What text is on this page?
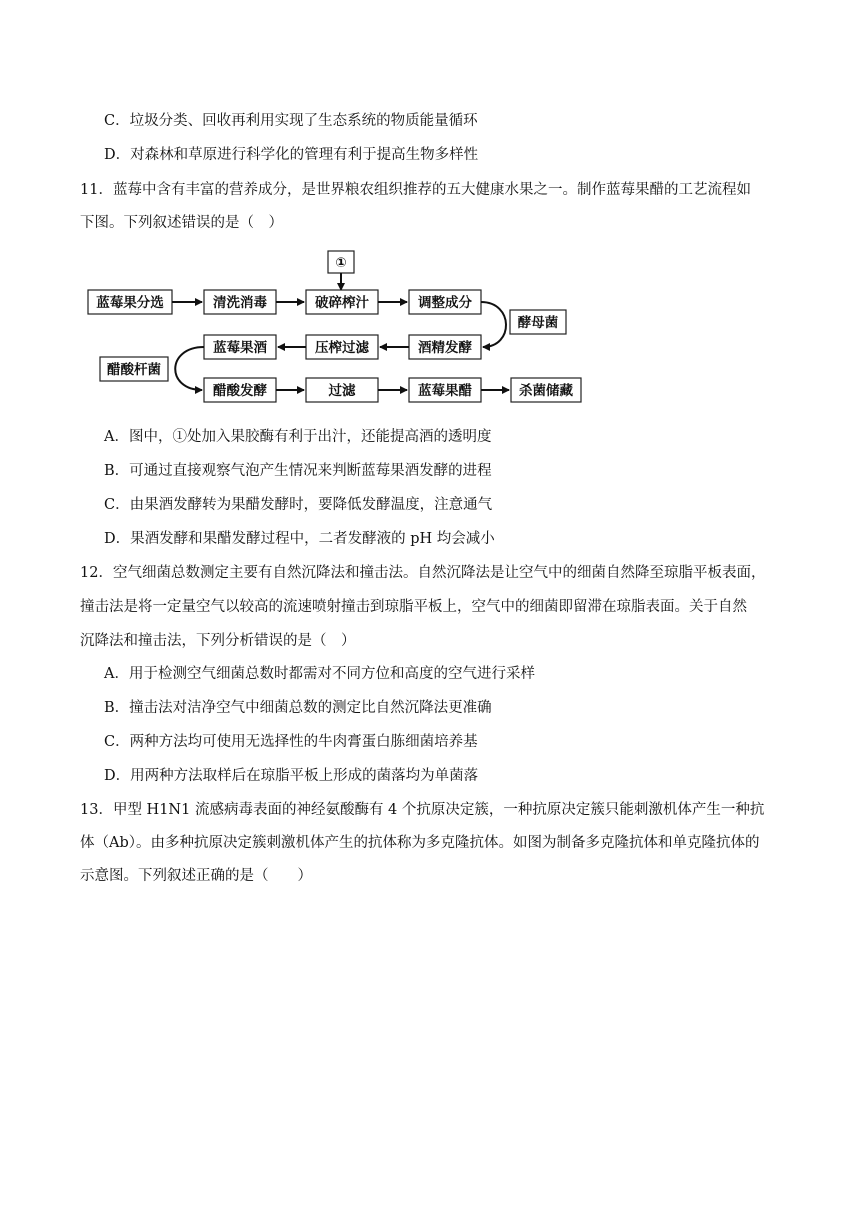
C．垃圾分类、回收再利用实现了生态系统的物质能量循环
D．对森林和草原进行科学化的管理有利于提高生物多样性
11．蓝莓中含有丰富的营养成分，是世界粮农组织推荐的五大健康水果之一。制作蓝莓果醋的工艺流程如
下图。下列叙述错误的是（　）
①
蓝莓果分选	清洗消毒	破碎榨汁	调整成分
酵母菌
蓝莓果酒	压榨过滤	酒精发酵
醋酸杆菌
醋酸发酵	过滤	蓝莓果醋	杀菌储藏
A．图中，①处加入果胶酶有利于出汁，还能提高酒的透明度
B．可通过直接观察气泡产生情况来判断蓝莓果酒发酵的进程
C．由果酒发酵转为果醋发酵时，要降低发酵温度，注意通气
D．果酒发酵和果醋发酵过程中，二者发酵液的 pH 均会减小
12．空气细菌总数测定主要有自然沉降法和撞击法。自然沉降法是让空气中的细菌自然降至琼脂平板表面，
撞击法是将一定量空气以较高的流速喷射撞击到琼脂平板上，空气中的细菌即留滞在琼脂表面。关于自然
沉降法和撞击法，下列分析错误的是（　）
A．用于检测空气细菌总数时都需对不同方位和高度的空气进行采样
B．撞击法对洁净空气中细菌总数的测定比自然沉降法更准确
C．两种方法均可使用无选择性的牛肉膏蛋白胨细菌培养基
D．用两种方法取样后在琼脂平板上形成的菌落均为单菌落
13．甲型 H1N1 流感病毒表面的神经氨酸酶有 4 个抗原决定簇，一种抗原决定簇只能刺激机体产生一种抗
体（Ab）。由多种抗原决定簇刺激机体产生的抗体称为多克隆抗体。如图为制备多克隆抗体和单克隆抗体的
示意图。下列叙述正确的是（　　）
